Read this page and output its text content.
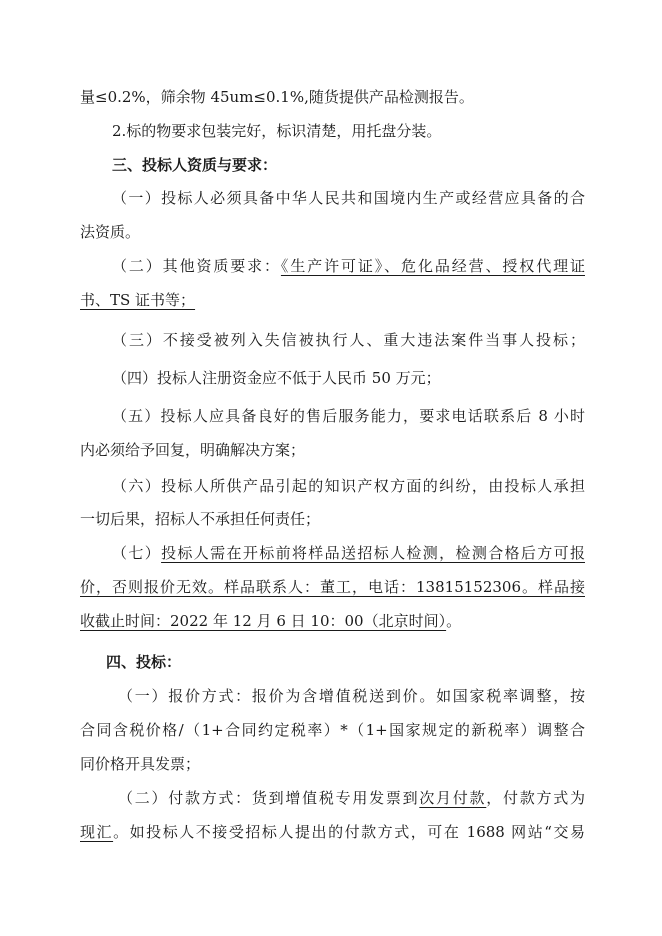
量≤0.2%，筛余物 45um≤0.1%,随货提供产品检测报告。
2.标的物要求包装完好，标识清楚，用托盘分装。
三、投标人资质与要求：
（一）投标人必须具备中华人民共和国境内生产或经营应具备的合
法资质。
（二）其他资质要求：《生产许可证》、危化品经营、授权代理证
书、TS 证书等；
（三）不接受被列入失信被执行人、重大违法案件当事人投标；
（四）投标人注册资金应不低于人民币 50 万元；
（五）投标人应具备良好的售后服务能力，要求电话联系后 8 小时
内必须给予回复，明确解决方案；
（六）投标人所供产品引起的知识产权方面的纠纷，由投标人承担
一切后果，招标人不承担任何责任；
（七）投标人需在开标前将样品送招标人检测，检测合格后方可报
价，否则报价无效。样品联系人：董工，电话：13815152306。样品接
收截止时间：2022 年 12 月 6 日 10：00（北京时间）。
四、投标：
（一）报价方式：报价为含增值税送到价。如国家税率调整，按
合同含税价格/（1+合同约定税率）*（1+国家规定的新税率）调整合
同价格开具发票；
（二）付款方式：货到增值税专用发票到次月付款，付款方式为
现汇。如投标人不接受招标人提出的付款方式，可在 1688 网站“交易
